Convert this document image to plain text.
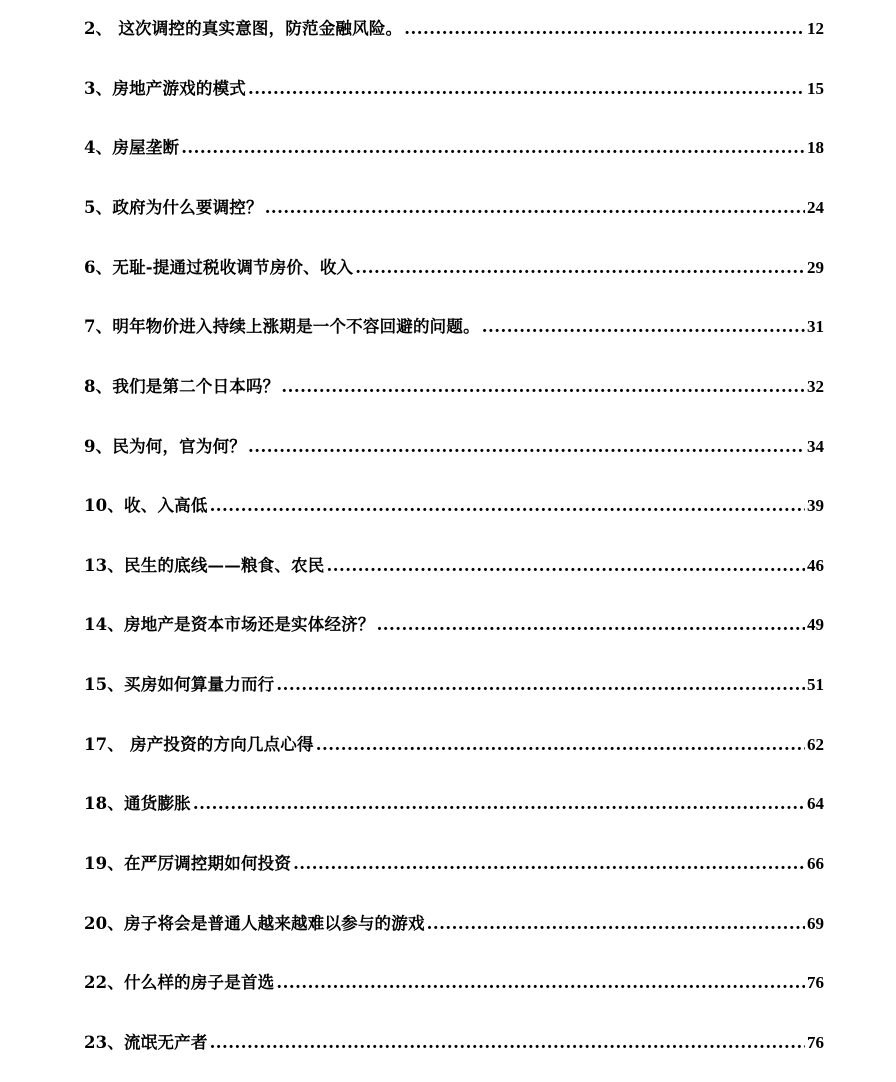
2、 这次调控的真实意图，防范金融风险。 .....	12
3、房地产游戏的模式 .....	15
4、房屋垄断 .....	18
5、政府为什么要调控？ .....	24
6、无耻-提通过税收调节房价、收入 .....	29
7、明年物价进入持续上涨期是一个不容回避的问题。 .....	31
8、我们是第二个日本吗？ .....	32
9、民为何，官为何？ .....	34
10、收、入高低 .....	39
13、民生的底线——粮食、农民 .....	46
14、房地产是资本市场还是实体经济？ .....	49
15、买房如何算量力而行 .....	51
17、 房产投资的方向几点心得 .....	62
18、通货膨胀 .....	64
19、在严厉调控期如何投资 .....	66
20、房子将会是普通人越来越难以参与的游戏 .....	69
22、什么样的房子是首选 .....	76
23、流氓无产者 .....	76
